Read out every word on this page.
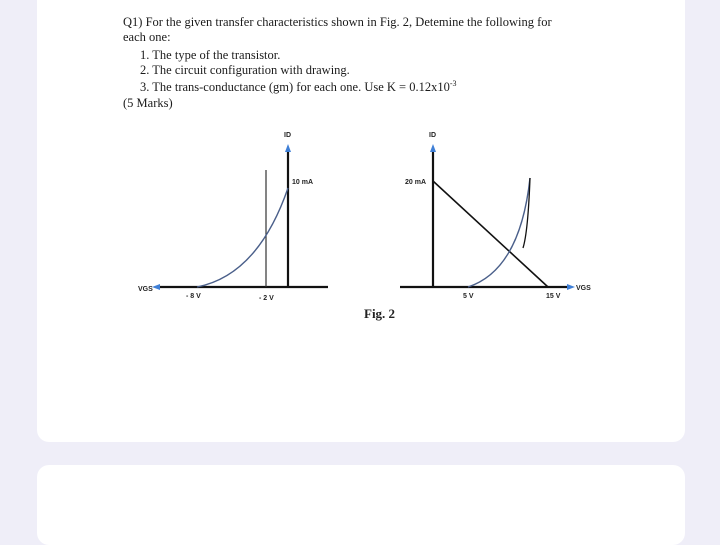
Q1) For the given transfer characteristics shown in Fig. 2, Detemine the following for
each one:
1. The type of the transistor.
2. The circuit configuration with drawing.
3. The trans-conductance (gm) for each one. Use $K = 0.12x10^{-3}$
(5 Marks)
ID
VGS
10 mA
- 8 V	- 2 V
ID
VGS
20 mA
5 V	15 V
Fig. 2
